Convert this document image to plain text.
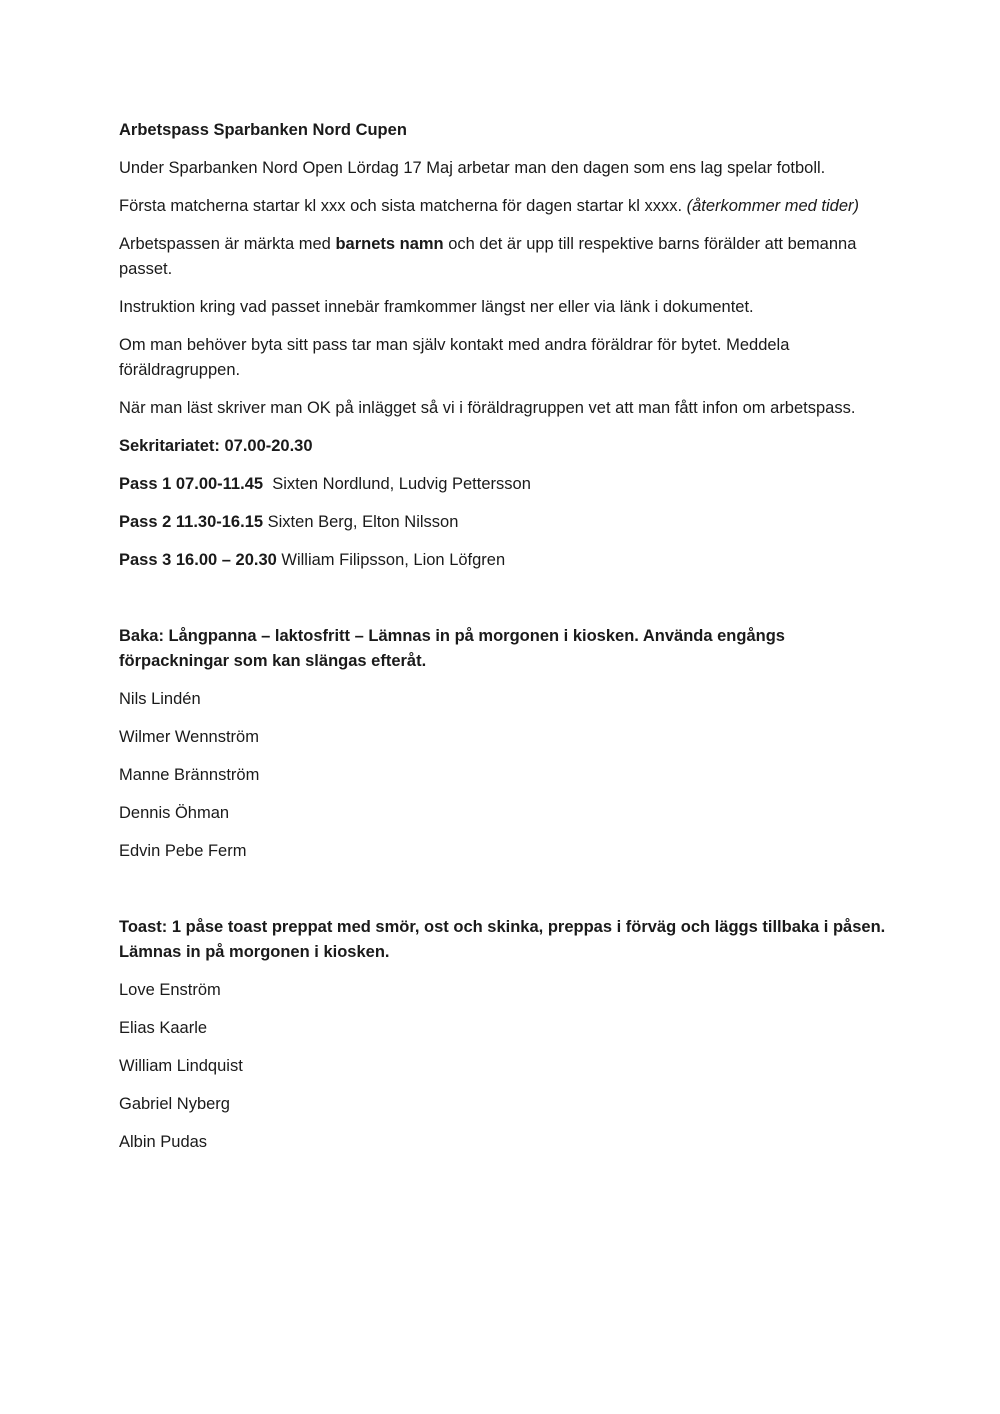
Arbetspass Sparbanken Nord Cupen

Under Sparbanken Nord Open Lördag 17 Maj arbetar man den dagen som ens lag spelar fotboll.

Första matcherna startar kl xxx och sista matcherna för dagen startar kl xxxx. (återkommer med tider)

Arbetspassen är märkta med barnets namn och det är upp till respektive barns förälder att bemanna passet.

Instruktion kring vad passet innebär framkommer längst ner eller via länk i dokumentet.

Om man behöver byta sitt pass tar man själv kontakt med andra föräldrar för bytet. Meddela föräldragruppen.

När man läst skriver man OK på inlägget så vi i föräldragruppen vet att man fått infon om arbetspass.

Sekritariatet: 07.00-20.30

Pass 1 07.00-11.45  Sixten Nordlund, Ludvig Pettersson

Pass 2 11.30-16.15 Sixten Berg, Elton Nilsson

Pass 3 16.00 – 20.30 William Filipsson, Lion Löfgren

Baka: Långpanna – laktosfritt – Lämnas in på morgonen i kiosken. Använda engångs förpackningar som kan slängas efteråt.

Nils Lindén

Wilmer Wennström

Manne Brännström

Dennis Öhman

Edvin Pebe Ferm

Toast: 1 påse toast preppat med smör, ost och skinka, preppas i förväg och läggs tillbaka i påsen. Lämnas in på morgonen i kiosken.

Love Enström

Elias Kaarle

William Lindquist

Gabriel Nyberg

Albin Pudas
